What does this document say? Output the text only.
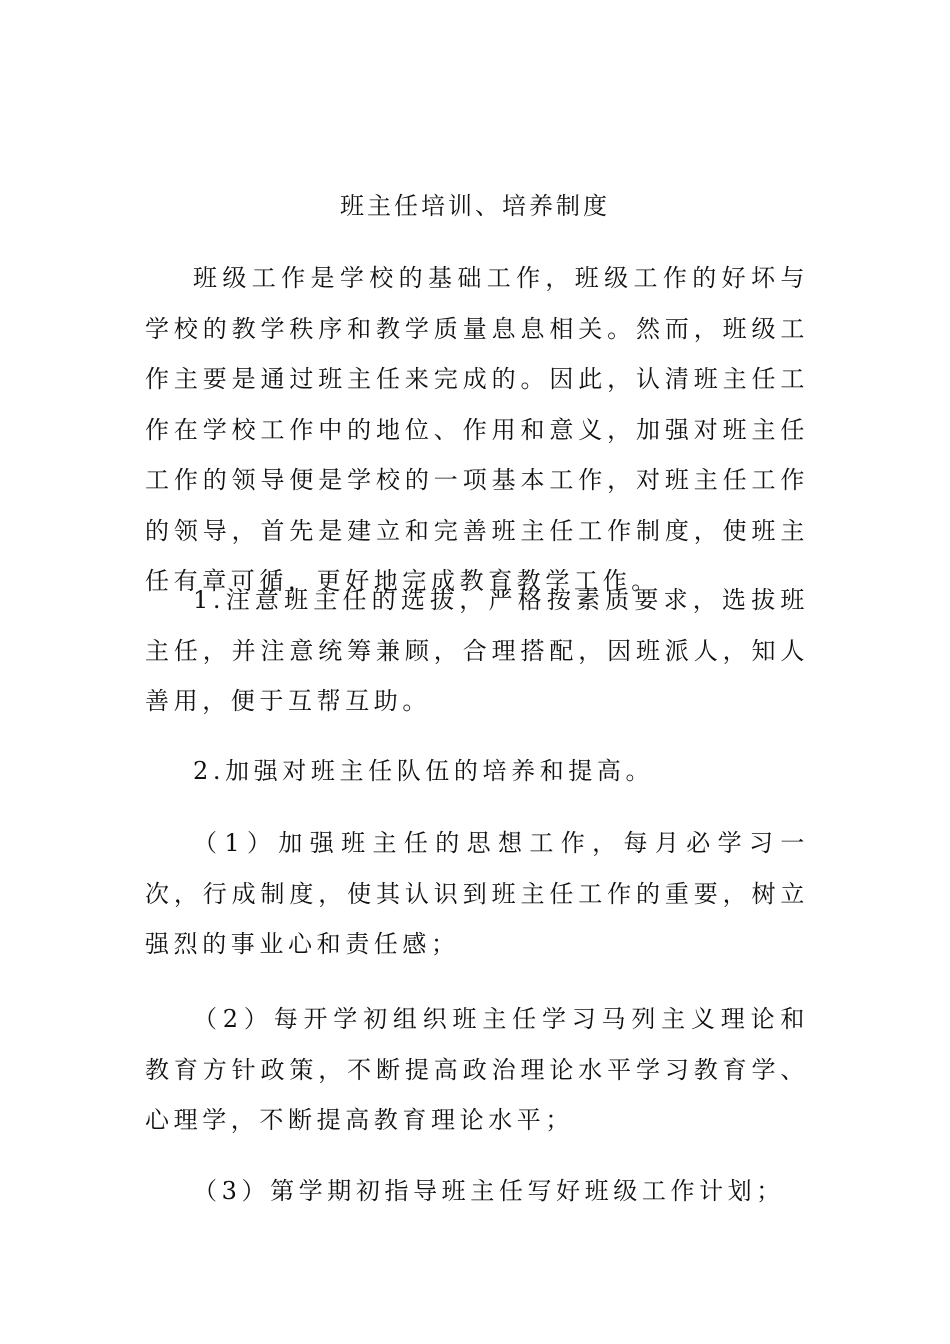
班主任培训、培养制度

班级工作是学校的基础工作，班级工作的好坏与学校的教学秩序和教学质量息息相关。然而，班级工作主要是通过班主任来完成的。因此，认清班主任工作在学校工作中的地位、作用和意义，加强对班主任工作的领导便是学校的一项基本工作，对班主任工作的领导，首先是建立和完善班主任工作制度，使班主任有章可循，更好地完成教育教学工作。

1.注意班主任的选拔，严格按素质要求，选拔班主任，并注意统筹兼顾，合理搭配，因班派人，知人善用，便于互帮互助。

2.加强对班主任队伍的培养和提高。

（1）加强班主任的思想工作，每月必学习一次，行成制度，使其认识到班主任工作的重要，树立强烈的事业心和责任感；

（2）每开学初组织班主任学习马列主义理论和教育方针政策，不断提高政治理论水平学习教育学、心理学，不断提高教育理论水平；

（3）第学期初指导班主任写好班级工作计划；
